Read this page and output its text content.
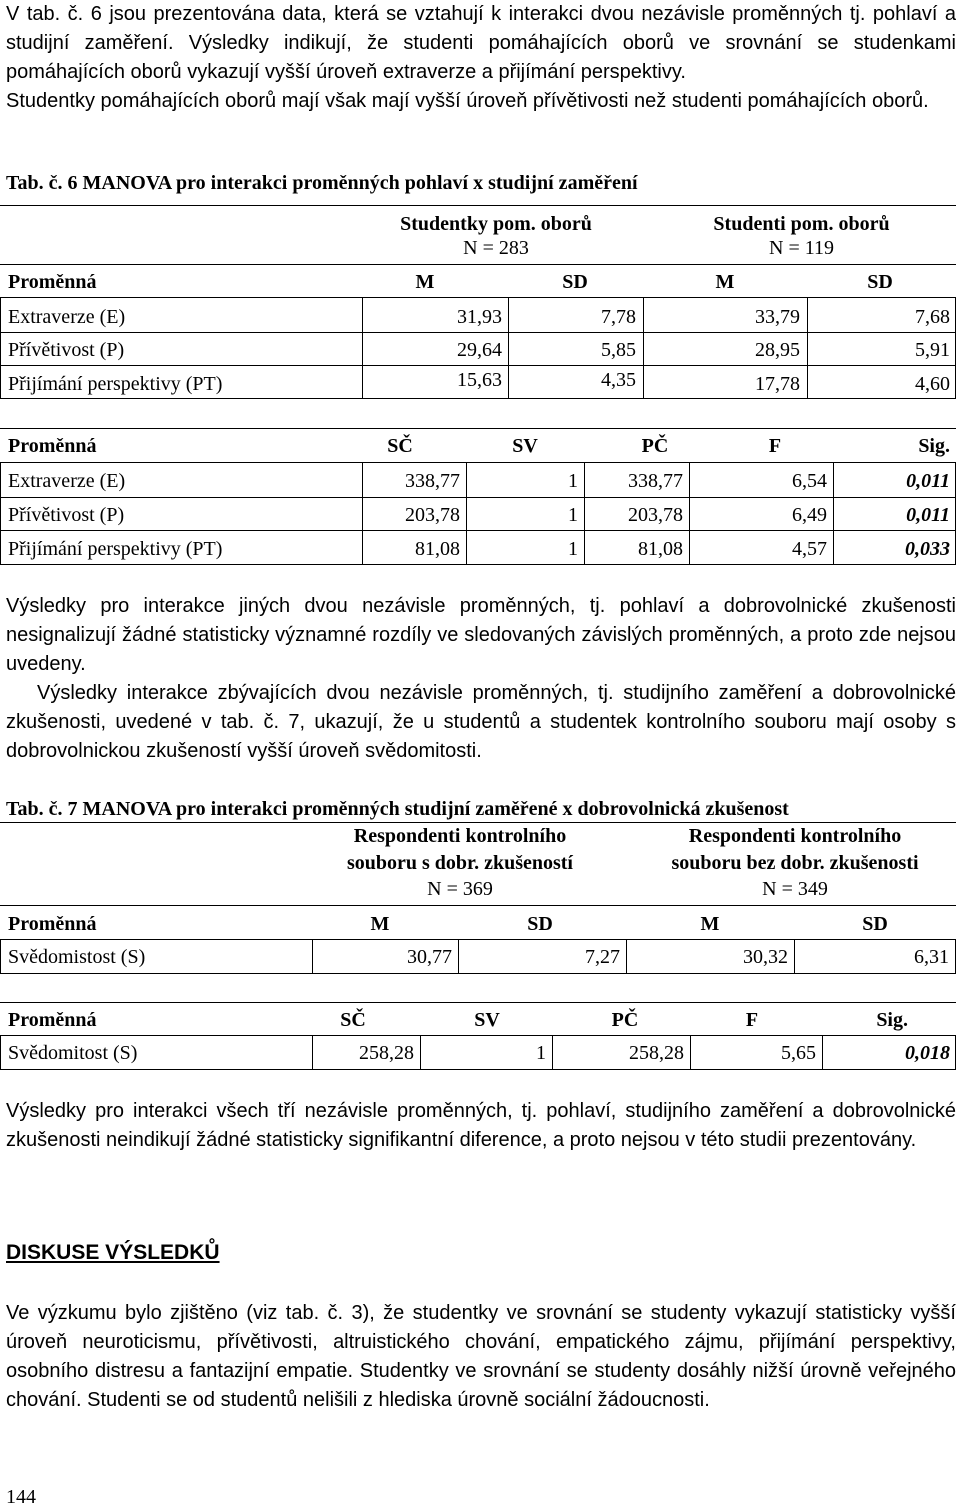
V tab. č. 6 jsou prezentována data, která se vztahují k interakci dvou nezávisle proměnných tj. pohlaví a studijní zaměření. Výsledky indikují, že studenti pomáhajících oborů ve srovnání se studenkami pomáhajících oborů vykazují vyšší úroveň extraverze a přijímání perspektivy.

Studentky pomáhajících oborů mají však mají vyšší úroveň přívětivosti než studenti pomáhajících oborů.

Tab. č. 6 MANOVA pro interakci proměnných pohlaví x studijní zaměření
Studentky pom. oborů
N = 283
Studenti pom. oborů
N = 119
Proměnná	M	SD	M	SD
Extraverze (E)	31,93	7,78	33,79	7,68
Přívětivost (P)	29,64	5,85	28,95	5,91
Přijímání perspektivy (PT)	15,63	4,35	17,78	4,60
Proměnná	SČ	SV	PČ	F	Sig.
Extraverze (E)	338,77	1	338,77	6,54	0,011
Přívětivost (P)	203,78	1	203,78	6,49	0,011
Přijímání perspektivy (PT)	81,08	1	81,08	4,57	0,033

Výsledky pro interakce jiných dvou nezávisle proměnných, tj. pohlaví a dobrovolnické zkušenosti nesignalizují žádné statisticky významné rozdíly ve sledovaných závislých proměnných, a proto zde nejsou uvedeny.

Výsledky interakce zbývajících dvou nezávisle proměnných, tj. studijního zaměření a dobrovolnické zkušenosti, uvedené v tab. č. 7, ukazují, že u studentů a studentek kontrolního souboru mají osoby s dobrovolnickou zkušeností vyšší úroveň svědomitosti.

Tab. č. 7 MANOVA pro interakci proměnných studijní zaměřené x dobrovolnická zkušenost
Respondenti kontrolního
souboru s dobr. zkušeností
N = 369
Respondenti kontrolního
souboru bez dobr. zkušenosti
N = 349
Proměnná	M	SD	M	SD
Svědomistost (S)	30,77	7,27	30,32	6,31
Proměnná	SČ	SV	PČ	F	Sig.
Svědomitost (S)	258,28	1	258,28	5,65	0,018

Výsledky pro interakci všech tří nezávisle proměnných, tj. pohlaví, studijního zaměření a dobrovolnické zkušenosti neindikují žádné statisticky signifikantní diference, a proto nejsou v této studii prezentovány.

DISKUSE VÝSLEDKŮ

Ve výzkumu bylo zjištěno (viz tab. č. 3), že studentky ve srovnání se studenty vykazují statisticky vyšší úroveň neuroticismu, přívětivosti, altruistického chování, empatického zájmu, přijímání perspektivy, osobního distresu a fantazijní empatie. Studentky ve srovnání se studenty dosáhly nižší úrovně veřejného chování. Studenti se od studentů nelišili z hlediska úrovně sociální žádoucnosti.

144
